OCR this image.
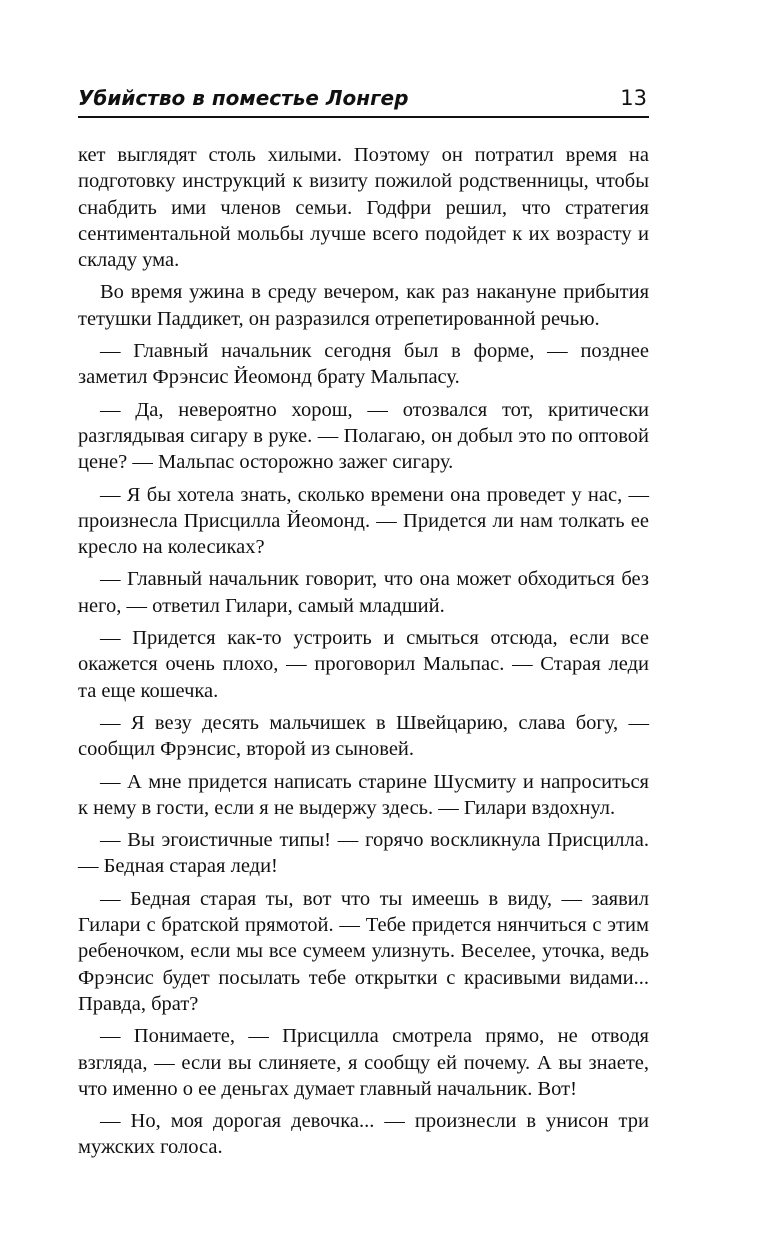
Убийство в поместье Лонгер	13

кет выглядят столь хилыми. Поэтому он потратил время на подготовку инструкций к визиту пожилой родственницы, чтобы снабдить ими членов семьи. Годфри решил, что стратегия сентиментальной мольбы лучше всего подойдет к их возрасту и складу ума.

Во время ужина в среду вечером, как раз накануне прибытия тетушки Паддикет, он разразился отрепетированной речью.

— Главный начальник сегодня был в форме, — позднее заметил Фрэнсис Йеомонд брату Мальпасу.

— Да, невероятно хорош, — отозвался тот, критически разглядывая сигару в руке. — Полагаю, он добыл это по оптовой цене? — Мальпас осторожно зажег сигару.

— Я бы хотела знать, сколько времени она проведет у нас, — произнесла Присцилла Йеомонд. — Придется ли нам толкать ее кресло на колесиках?

— Главный начальник говорит, что она может обходиться без него, — ответил Гилари, самый младший.

— Придется как-то устроить и смыться отсюда, если все окажется очень плохо, — проговорил Мальпас. — Старая леди та еще кошечка.

— Я везу десять мальчишек в Швейцарию, слава богу, — сообщил Фрэнсис, второй из сыновей.

— А мне придется написать старине Шусмиту и напроситься к нему в гости, если я не выдержу здесь. — Гилари вздохнул.

— Вы эгоистичные типы! — горячо воскликнула Присцилла. — Бедная старая леди!

— Бедная старая ты, вот что ты имеешь в виду, — заявил Гилари с братской прямотой. — Тебе придется нянчиться с этим ребеночком, если мы все сумеем улизнуть. Веселее, уточка, ведь Фрэнсис будет посылать тебе открытки с красивыми видами... Правда, брат?

— Понимаете, — Присцилла смотрела прямо, не отводя взгляда, — если вы слиняете, я сообщу ей почему. А вы знаете, что именно о ее деньгах думает главный начальник. Вот!

— Но, моя дорогая девочка... — произнесли в унисон три мужских голоса.
